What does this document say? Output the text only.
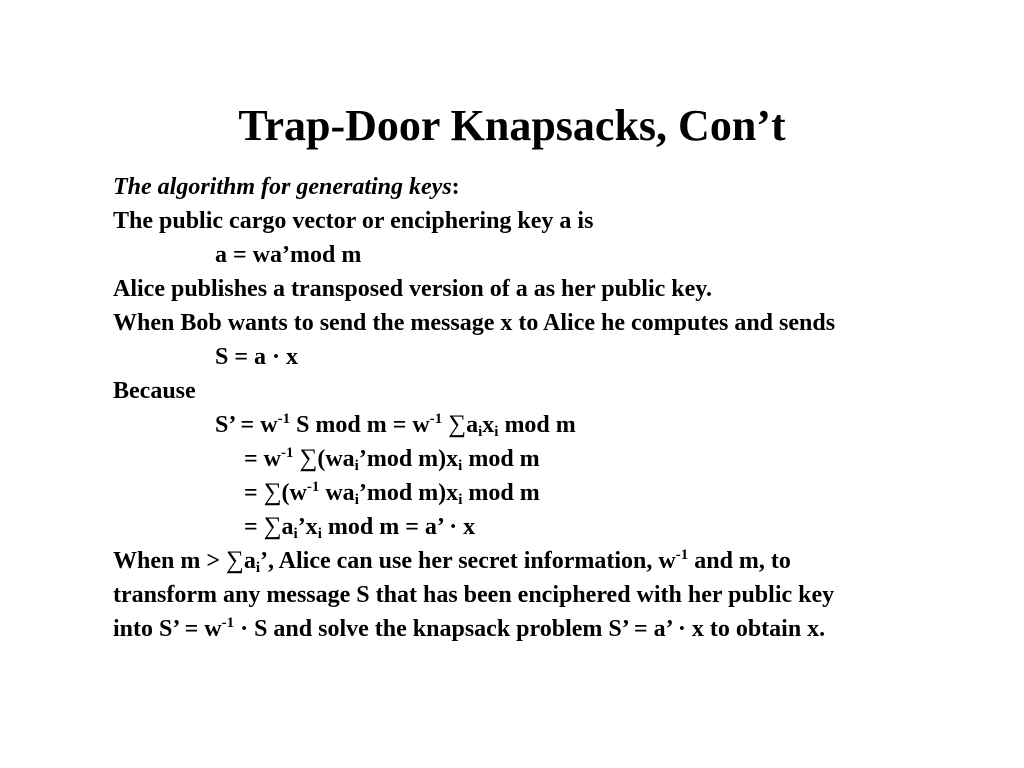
Trap-Door Knapsacks, Con’t
The algorithm for generating keys:
The public cargo vector or enciphering key a is
a = wa’mod m
Alice publishes a transposed version of a as her public key.
When Bob wants to send the message x to Alice he computes and sends
S = a · x
Because
S’ = $w^{-1}$ S mod $m = w^{-1}$ $\sum a_ix_i$ mod m
= $w^{-1}$ $\sum(wa_i’mod$ $m)x_i$ mod m
= $\sum(w^{-1}$ $wa_i’mod$ $m)x_i$ mod m
= $\sum a_i’x_i$ mod m = a’ · x
When $m > \sum a_i$’, Alice can use her secret information, $w^{-1}$ and m, to
transform any message S that has been enciphered with her public key
into S’ = $w^{-1} \cdot S$ and solve the knapsack problem S’ = a’ · x to obtain x.
